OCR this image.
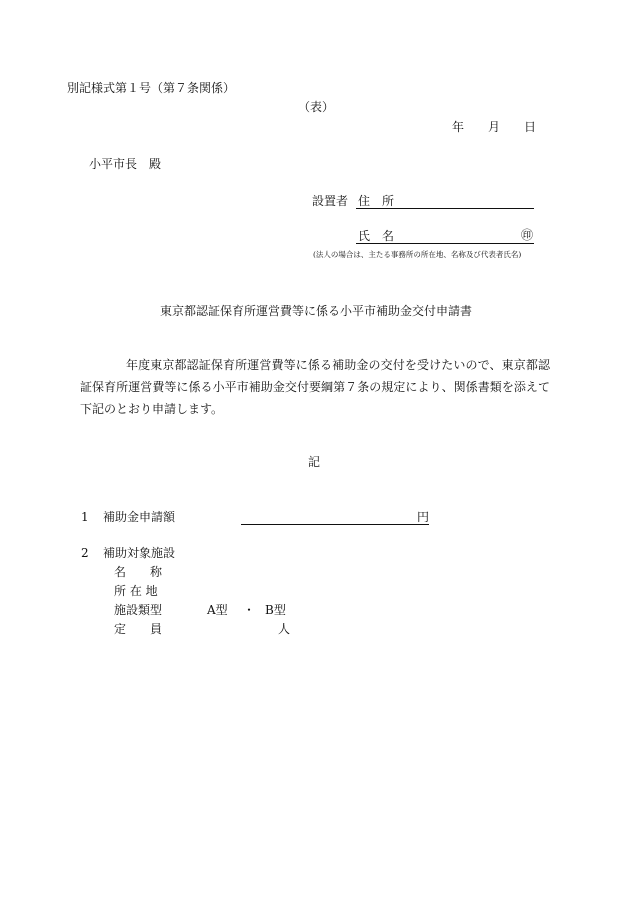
別記様式第１号（第７条関係）
（表）
年 月 日
小平市長　殿
設置者 住　所
氏　名	㊞
(法人の場合は、主たる事務所の所在地、名称及び代表者氏名)
東京都認証保育所運営費等に係る小平市補助金交付申請書
年度東京都認証保育所運営費等に係る補助金の交付を受けたいので、東京都認証保育所運営費等に係る小平市補助金交付要綱第７条の規定により、関係書類を添えて下記のとおり申請します。
記
1 補助金申請額	円
2 補助対象施設
名　　称
所 在 地
施設類型	A型 ・ B型
定　　員	人
